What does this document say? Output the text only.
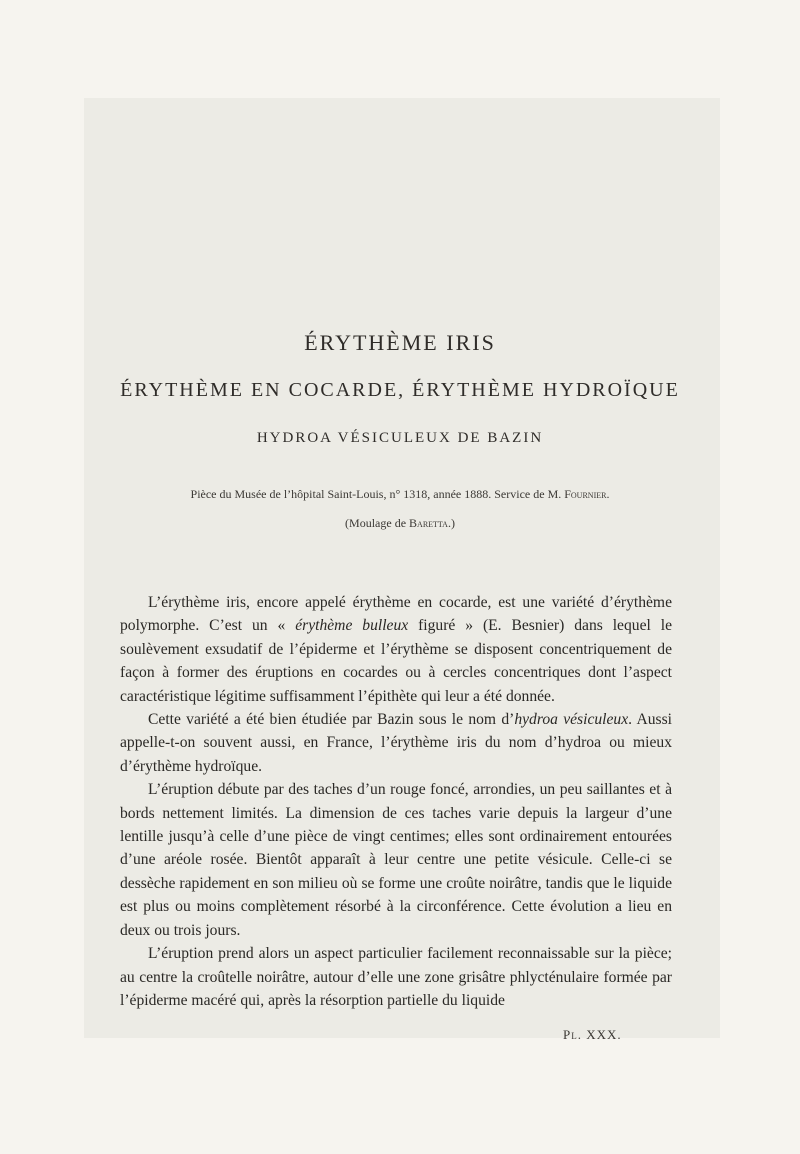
ÉRYTHÈME IRIS
ÉRYTHÈME EN COCARDE, ÉRYTHÈME HYDROÏQUE
HYDROA VÉSICULEUX DE BAZIN
Pièce du Musée de l’hôpital Saint-Louis, n° 1318, année 1888. Service de M. Fournier.
(Moulage de Baretta.)

L’érythème iris, encore appelé érythème en cocarde, est une variété d’érythème polymorphe. C’est un « érythème bulleux figuré » (E. Besnier) dans lequel le soulèvement exsudatif de l’épiderme et l’érythème se disposent concentriquement de façon à former des éruptions en cocardes ou à cercles concentriques dont l’aspect caractéristique légitime suffisamment l’épithète qui leur a été donnée.

Cette variété a été bien étudiée par Bazin sous le nom d’hydroa vésiculeux. Aussi appelle-t-on souvent aussi, en France, l’érythème iris du nom d’hydroa ou mieux d’érythème hydroïque.

L’éruption débute par des taches d’un rouge foncé, arrondies, un peu saillantes et à bords nettement limités. La dimension de ces taches varie depuis la largeur d’une lentille jusqu’à celle d’une pièce de vingt centimes; elles sont ordinairement entourées d’une aréole rosée. Bientôt apparaît à leur centre une petite vésicule. Celle-ci se dessèche rapidement en son milieu où se forme une croûte noirâtre, tandis que le liquide est plus ou moins complètement résorbé à la circonférence. Cette évolution a lieu en deux ou trois jours.

L’éruption prend alors un aspect particulier facilement reconnaissable sur la pièce; au centre la croûtelle noirâtre, autour d’elle une zone grisâtre phlycténulaire formée par l’épiderme macéré qui, après la résorption partielle du liquide

Pl. XXX.
